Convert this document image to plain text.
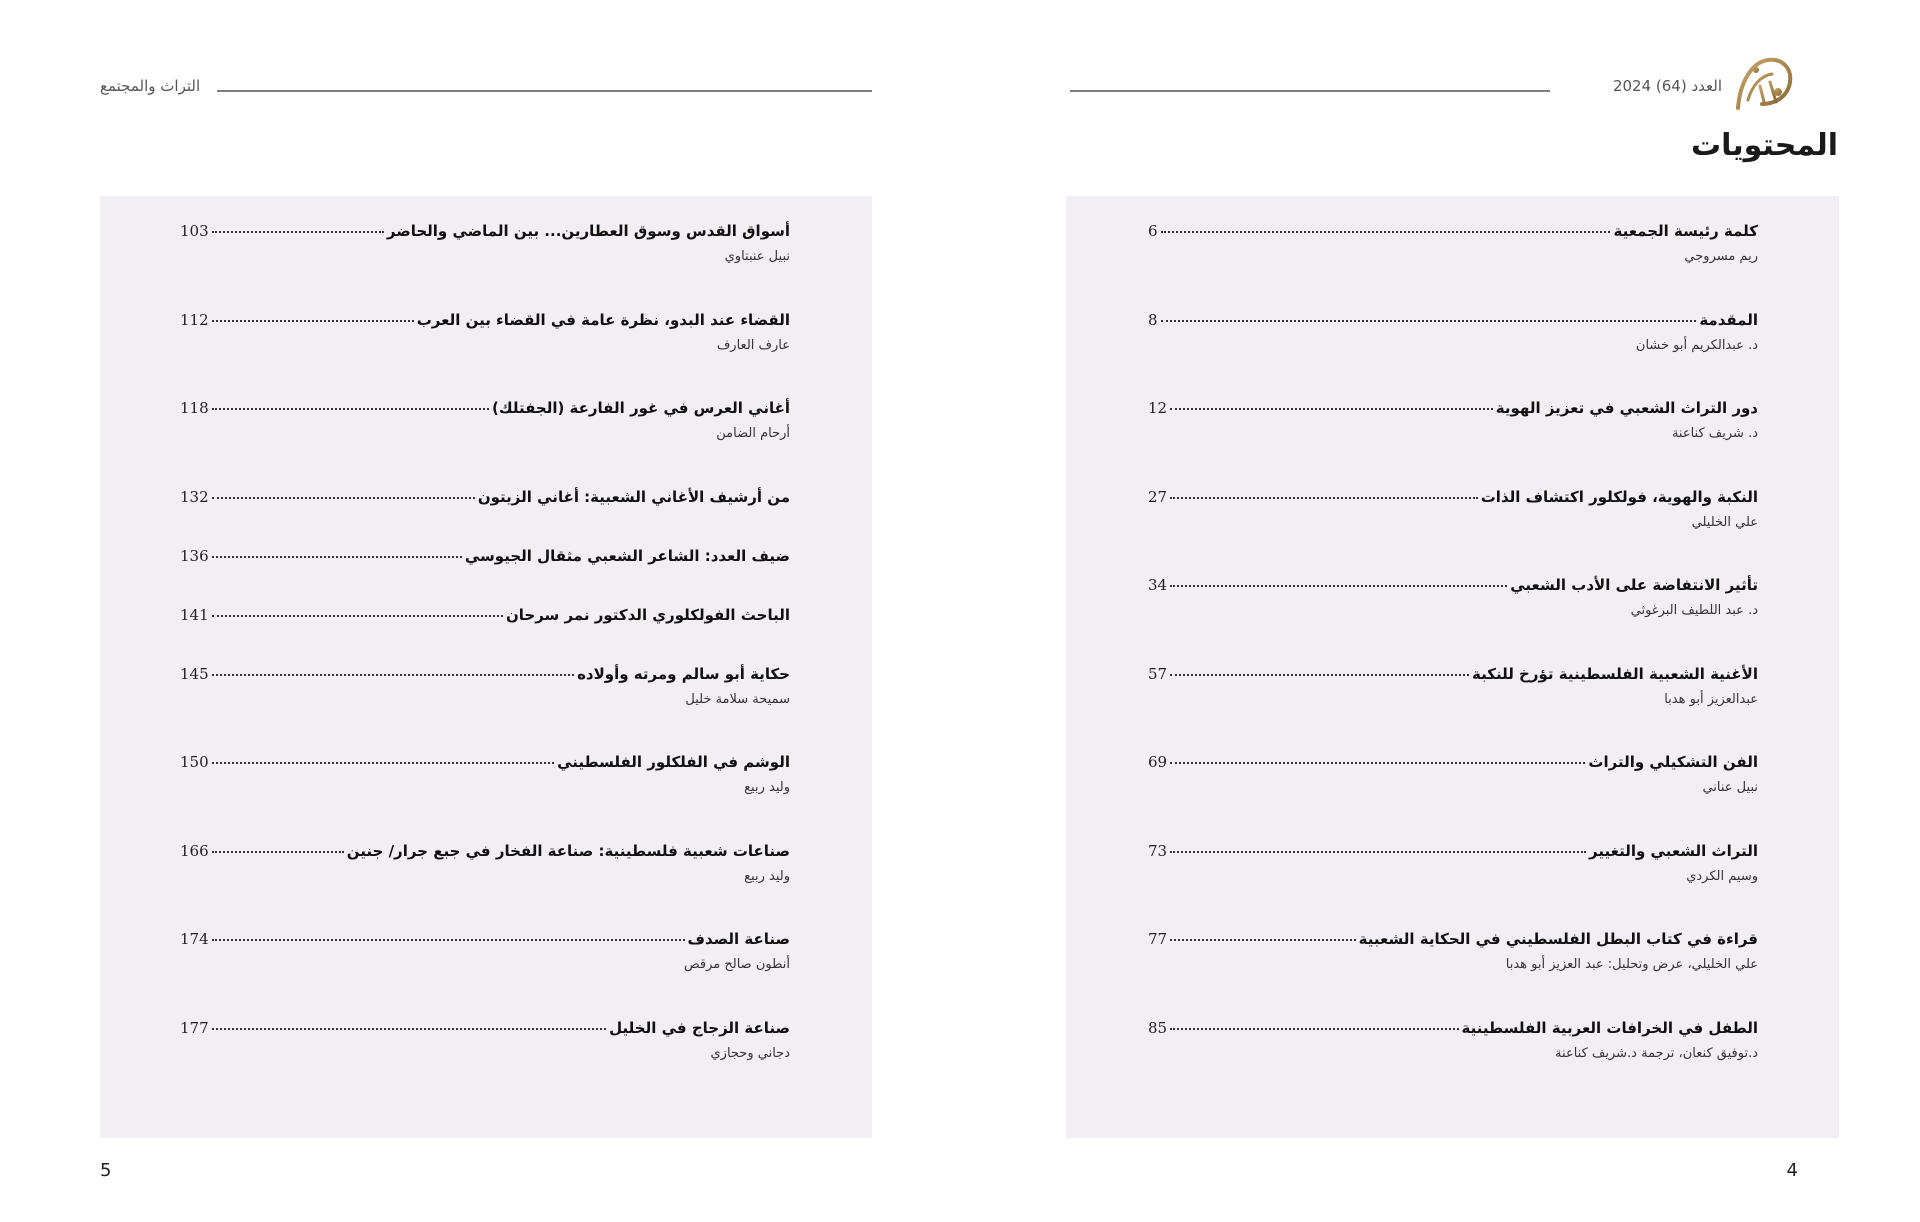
التراث والمجتمع
أسواق القدس وسوق العطارين... بين الماضي والحاضر
103
نبيل عنبتاوي
القضاء عند البدو، نظرة عامة في القضاء بين العرب
112
عارف العارف
أغاني العرس في غور الفارعة (الجفتلك)
118
أرحام الضامن
من أرشيف الأغاني الشعبية: أغاني الزيتون
132
ضيف العدد: الشاعر الشعبي مثقال الجيوسي
136
الباحث الفولكلوري الدكتور نمر سرحان
141
حكاية أبو سالم ومرته وأولاده
145
سميحة سلامة خليل
الوشم في الفلكلور الفلسطيني
150
وليد ربيع
صناعات شعبية فلسطينية: صناعة الفخار في جبع جرار/ جنين
166
وليد ربيع
صناعة الصدف
174
أنطون صالح مرقص
صناعة الزجاج في الخليل
177
دجاني وحجازي
5
العدد (64) 2024
المحتويات
كلمة رئيسة الجمعية
6
ريم مسروجي
المقدمة
8
د. عبدالكريم أبو خشان
دور التراث الشعبي في تعزيز الهوية
12
د. شريف كناعنة
النكبة والهوية، فولكلور اكتشاف الذات
27
علي الخليلي
تأثير الانتفاضة على الأدب الشعبي
34
د. عبد اللطيف البرغوثي
الأغنية الشعبية الفلسطينية تؤرخ للنكبة
57
عبدالعزيز أبو هدبا
الفن التشكيلي والتراث
69
نبيل عناني
التراث الشعبي والتغيير
73
وسيم الكردي
قراءة في كتاب البطل الفلسطيني في الحكاية الشعبية
77
علي الخليلي، عرض وتحليل: عبد العزيز أبو هدبا
الطفل في الخرافات العربية الفلسطينية
85
د.توفيق كنعان، ترجمة د.شريف كناعنة
4
